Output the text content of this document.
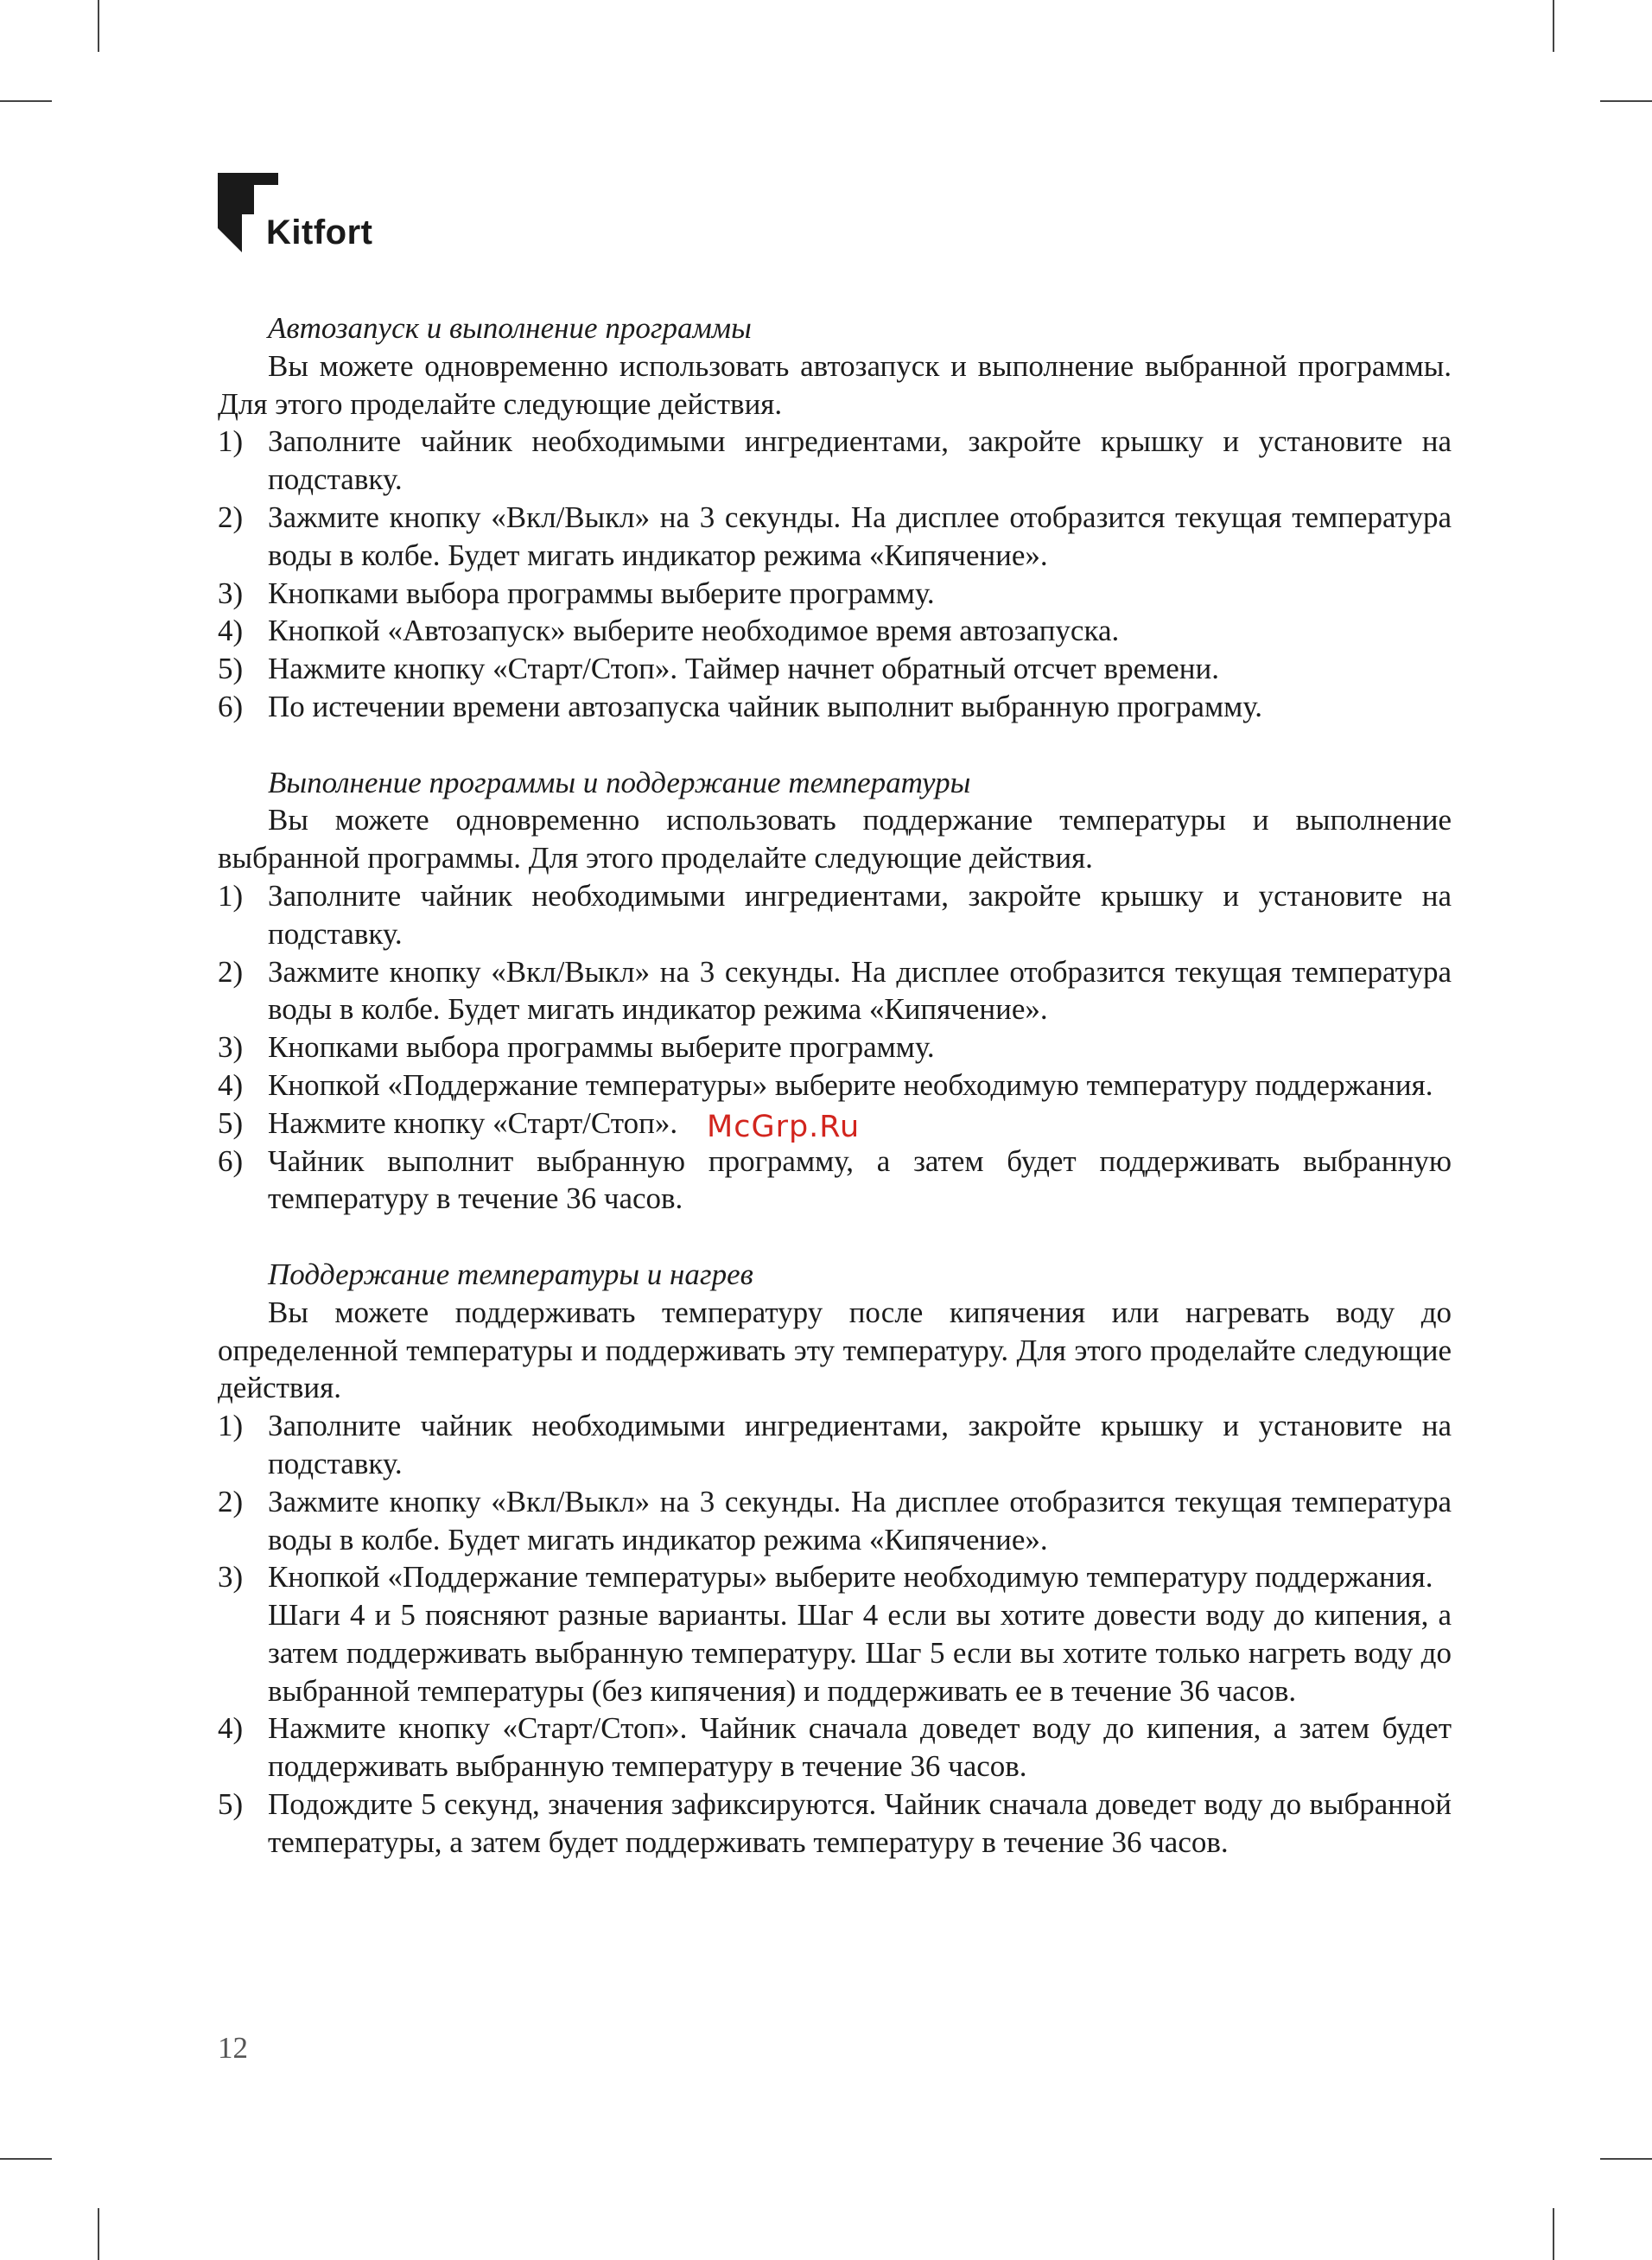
Kitfort
Автозапуск и выполнение программы
Вы можете одновременно использовать автозапуск и выполнение выбранной программы. Для этого проделайте следующие действия.
1) Заполните чайник необходимыми ингредиентами, закройте крышку и установите на подставку.
2) Зажмите кнопку «Вкл/Выкл» на 3 секунды. На дисплее отобразится текущая температура воды в колбе. Будет мигать индикатор режима «Кипячение».
3) Кнопками выбора программы выберите программу.
4) Кнопкой «Автозапуск» выберите необходимое время автозапуска.
5) Нажмите кнопку «Старт/Стоп». Таймер начнет обратный отсчет времени.
6) По истечении времени автозапуска чайник выполнит выбранную программу.
Выполнение программы и поддержание температуры
Вы можете одновременно использовать поддержание температуры и выполнение выбранной программы. Для этого проделайте следующие действия.
1) Заполните чайник необходимыми ингредиентами, закройте крышку и установите на подставку.
2) Зажмите кнопку «Вкл/Выкл» на 3 секунды. На дисплее отобразится текущая температура воды в колбе. Будет мигать индикатор режима «Кипячение».
3) Кнопками выбора программы выберите программу.
4) Кнопкой «Поддержание температуры» выберите необходимую температуру поддержания.
5) Нажмите кнопку «Старт/Стоп».
6) Чайник выполнит выбранную программу, а затем будет поддерживать выбранную температуру в течение 36 часов.
Поддержание температуры и нагрев
Вы можете поддерживать температуру после кипячения или нагревать воду до определенной температуры и поддерживать эту температуру. Для этого проделайте следующие действия.
1) Заполните чайник необходимыми ингредиентами, закройте крышку и установите на подставку.
2) Зажмите кнопку «Вкл/Выкл» на 3 секунды. На дисплее отобразится текущая температура воды в колбе. Будет мигать индикатор режима «Кипячение».
3) Кнопкой «Поддержание температуры» выберите необходимую температуру поддержания.
Шаги 4 и 5 поясняют разные варианты. Шаг 4 если вы хотите довести воду до кипения, а затем поддерживать выбранную температуру. Шаг 5 если вы хотите только нагреть воду до выбранной температуры (без кипячения) и поддерживать ее в течение 36 часов.
4) Нажмите кнопку «Старт/Стоп». Чайник сначала доведет воду до кипения, а затем будет поддерживать выбранную температуру в течение 36 часов.
5) Подождите 5 секунд, значения зафиксируются. Чайник сначала доведет воду до выбранной температуры, а затем будет поддерживать температуру в течение 36 часов.
McGrp.Ru
12
